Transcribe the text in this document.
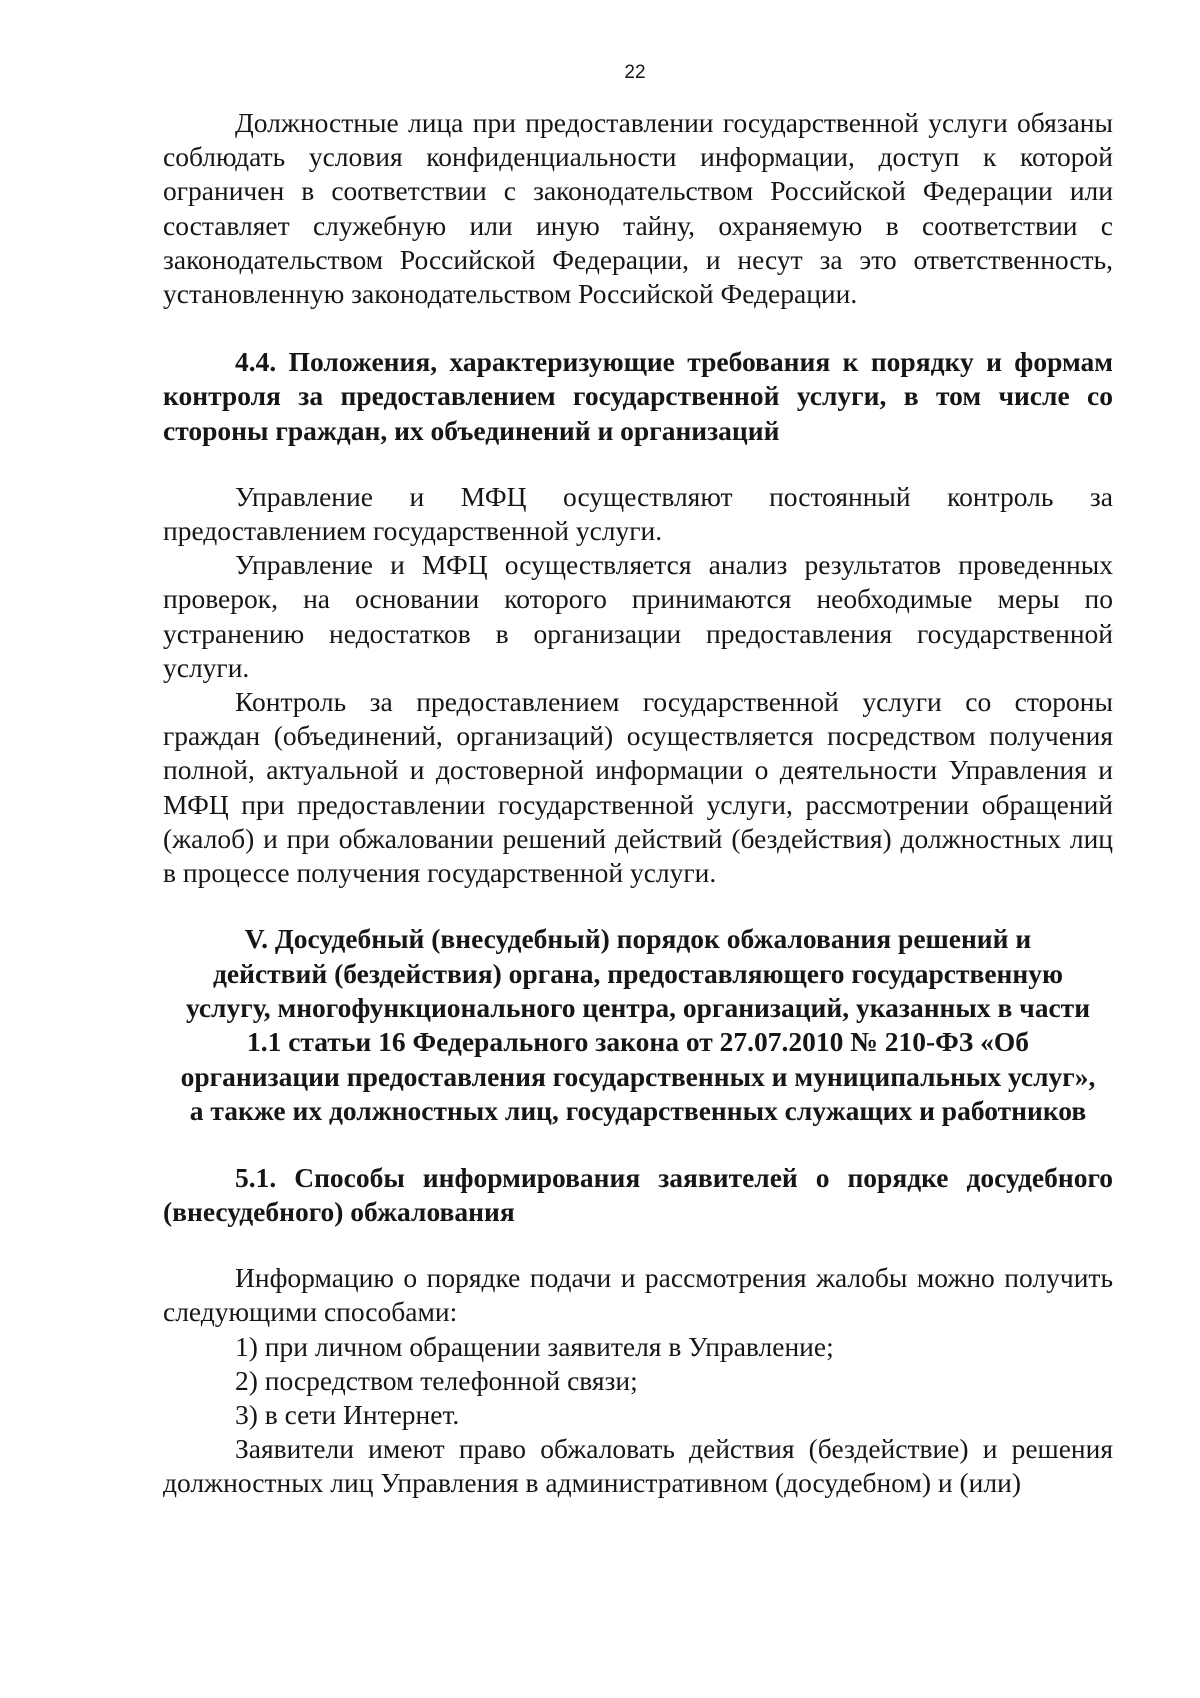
22

Должностные лица при предоставлении государственной услуги обязаны соблюдать условия конфиденциальности информации, доступ к которой ограничен в соответствии с законодательством Российской Федерации или составляет служебную или иную тайну, охраняемую в соответствии с законодательством Российской Федерации, и несут за это ответственность, установленную законодательством Российской Федерации.

4.4. Положения, характеризующие требования к порядку и формам контроля за предоставлением государственной услуги, в том числе со стороны граждан, их объединений и организаций

Управление и МФЦ осуществляют постоянный контроль за предоставлением государственной услуги.

Управление и МФЦ осуществляется анализ результатов проведенных проверок, на основании которого принимаются необходимые меры по устранению недостатков в организации предоставления государственной услуги.

Контроль за предоставлением государственной услуги со стороны граждан (объединений, организаций) осуществляется посредством получения полной, актуальной и достоверной информации о деятельности Управления и МФЦ при предоставлении государственной услуги, рассмотрении обращений (жалоб) и при обжаловании решений действий (бездействия) должностных лиц в процессе получения государственной услуги.

V. Досудебный (внесудебный) порядок обжалования решений и
действий (бездействия) органа, предоставляющего государственную
услугу, многофункционального центра, организаций, указанных в части
1.1 статьи 16 Федерального закона от 27.07.2010 № 210-ФЗ «Об
организации предоставления государственных и муниципальных услуг»,
а также их должностных лиц, государственных служащих и работников
5.1. Способы информирования заявителей о порядке досудебного (внесудебного) обжалования

Информацию о порядке подачи и рассмотрения жалобы можно получить следующими способами:

1) при личном обращении заявителя в Управление;

2) посредством телефонной связи;

3) в сети Интернет.

Заявители имеют право обжаловать действия (бездействие) и решения должностных лиц Управления в административном (досудебном) и (или)
